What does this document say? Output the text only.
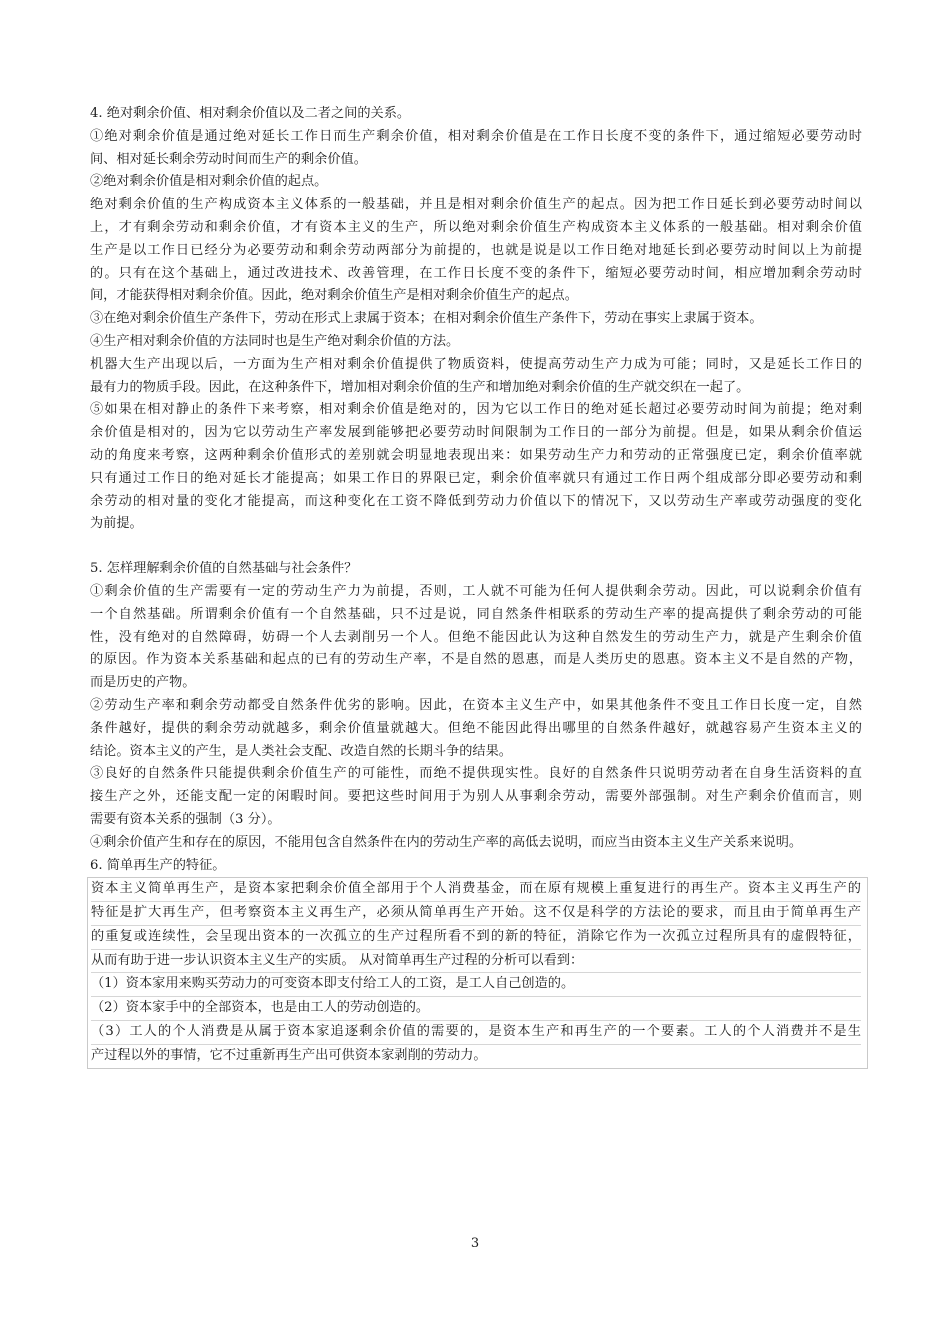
4. 绝对剩余价值、相对剩余价值以及二者之间的关系。
①绝对剩余价值是通过绝对延长工作日而生产剩余价值，相对剩余价值是在工作日长度不变的条件下，通过缩短必要劳动时
间、相对延长剩余劳动时间而生产的剩余价值。
②绝对剩余价值是相对剩余价值的起点。
绝对剩余价值的生产构成资本主义体系的一般基础，并且是相对剩余价值生产的起点。因为把工作日延长到必要劳动时间以
上，才有剩余劳动和剩余价值，才有资本主义的生产，所以绝对剩余价值生产构成资本主义体系的一般基础。相对剩余价值
生产是以工作日已经分为必要劳动和剩余劳动两部分为前提的，也就是说是以工作日绝对地延长到必要劳动时间以上为前提
的。只有在这个基础上，通过改进技术、改善管理，在工作日长度不变的条件下，缩短必要劳动时间，相应增加剩余劳动时
间，才能获得相对剩余价值。因此，绝对剩余价值生产是相对剩余价值生产的起点。
③在绝对剩余价值生产条件下，劳动在形式上隶属于资本；在相对剩余价值生产条件下，劳动在事实上隶属于资本。
④生产相对剩余价值的方法同时也是生产绝对剩余价值的方法。
机器大生产出现以后，一方面为生产相对剩余价值提供了物质资料，使提高劳动生产力成为可能；同时，又是延长工作日的
最有力的物质手段。因此，在这种条件下，增加相对剩余价值的生产和增加绝对剩余价值的生产就交织在一起了。
⑤如果在相对静止的条件下来考察，相对剩余价值是绝对的，因为它以工作日的绝对延长超过必要劳动时间为前提；绝对剩
余价值是相对的，因为它以劳动生产率发展到能够把必要劳动时间限制为工作日的一部分为前提。但是，如果从剩余价值运
动的角度来考察，这两种剩余价值形式的差别就会明显地表现出来：如果劳动生产力和劳动的正常强度已定，剩余价值率就
只有通过工作日的绝对延长才能提高；如果工作日的界限已定，剩余价值率就只有通过工作日两个组成部分即必要劳动和剩
余劳动的相对量的变化才能提高，而这种变化在工资不降低到劳动力价值以下的情况下，又以劳动生产率或劳动强度的变化
为前提。
5. 怎样理解剩余价值的自然基础与社会条件？
①剩余价值的生产需要有一定的劳动生产力为前提，否则，工人就不可能为任何人提供剩余劳动。因此，可以说剩余价值有
一个自然基础。所谓剩余价值有一个自然基础，只不过是说，同自然条件相联系的劳动生产率的提高提供了剩余劳动的可能
性，没有绝对的自然障碍，妨碍一个人去剥削另一个人。但绝不能因此认为这种自然发生的劳动生产力，就是产生剩余价值
的原因。作为资本关系基础和起点的已有的劳动生产率，不是自然的恩惠，而是人类历史的恩惠。资本主义不是自然的产物，
而是历史的产物。
②劳动生产率和剩余劳动都受自然条件优劣的影响。因此，在资本主义生产中，如果其他条件不变且工作日长度一定，自然
条件越好，提供的剩余劳动就越多，剩余价值量就越大。但绝不能因此得出哪里的自然条件越好，就越容易产生资本主义的
结论。资本主义的产生，是人类社会支配、改造自然的长期斗争的结果。
③良好的自然条件只能提供剩余价值生产的可能性，而绝不提供现实性。良好的自然条件只说明劳动者在自身生活资料的直
接生产之外，还能支配一定的闲暇时间。要把这些时间用于为别人从事剩余劳动，需要外部强制。对生产剩余价值而言，则
需要有资本关系的强制（3 分）。
④剩余价值产生和存在的原因，不能用包含自然条件在内的劳动生产率的高低去说明，而应当由资本主义生产关系来说明。
6. 简单再生产的特征。
资本主义简单再生产，是资本家把剩余价值全部用于个人消费基金，而在原有规模上重复进行的再生产。资本主义再生产的
特征是扩大再生产，但考察资本主义再生产，必须从简单再生产开始。这不仅是科学的方法论的要求，而且由于简单再生产
的重复或连续性，会呈现出资本的一次孤立的生产过程所看不到的新的特征，消除它作为一次孤立过程所具有的虚假特征，
从而有助于进一步认识资本主义生产的实质。 从对简单再生产过程的分析可以看到：
（1）资本家用来购买劳动力的可变资本即支付给工人的工资，是工人自己创造的。
（2）资本家手中的全部资本，也是由工人的劳动创造的。
（3）工人的个人消费是从属于资本家追逐剩余价值的需要的，是资本生产和再生产的一个要素。工人的个人消费并不是生
产过程以外的事情，它不过重新再生产出可供资本家剥削的劳动力。
3
